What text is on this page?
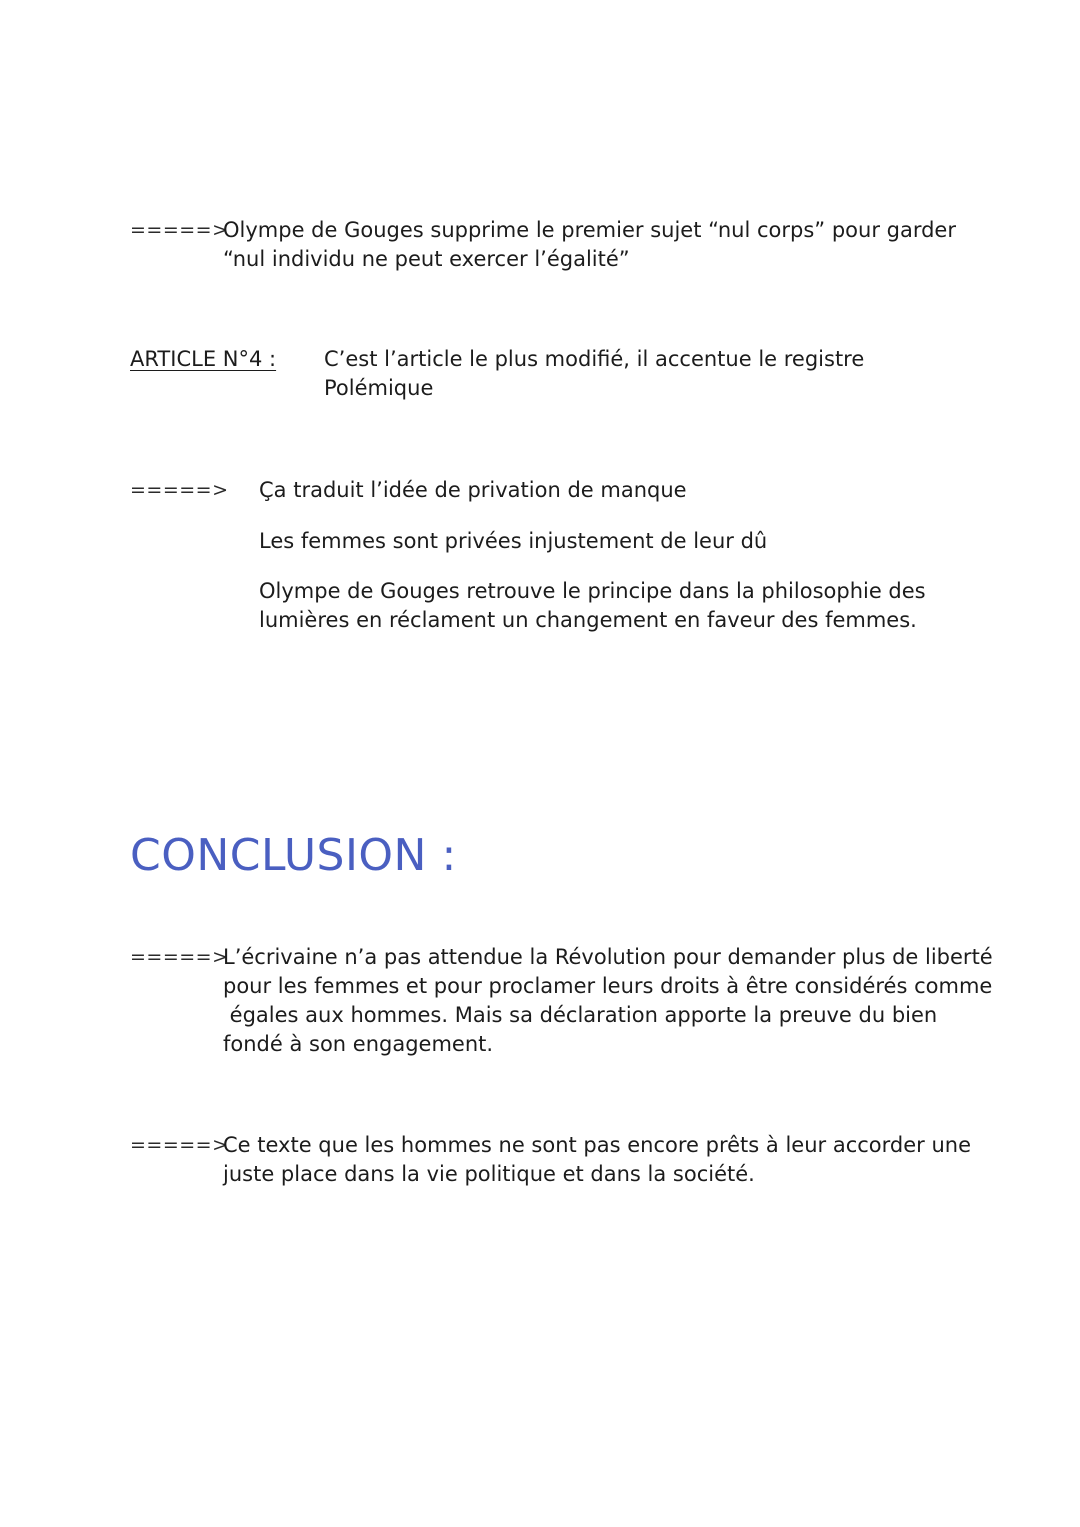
=====>
Olympe de Gouges supprime le premier sujet “nul corps” pour garder
“nul individu ne peut exercer l’égalité”
ARTICLE N°4 : C’est l’article le plus modifié, il accentue le registre
Polémique
=====> Ça traduit l’idée de privation de manque
Les femmes sont privées injustement de leur dû
Olympe de Gouges retrouve le principe dans la philosophie des
lumières en réclament un changement en faveur des femmes.
CONCLUSION :
=====>
L’écrivaine n’a pas attendue la Révolution pour demander plus de liberté
pour les femmes et pour proclamer leurs droits à être considérés comme
égales aux hommes. Mais sa déclaration apporte la preuve du bien
fondé à son engagement.
=====>
Ce texte que les hommes ne sont pas encore prêts à leur accorder une
juste place dans la vie politique et dans la société.
